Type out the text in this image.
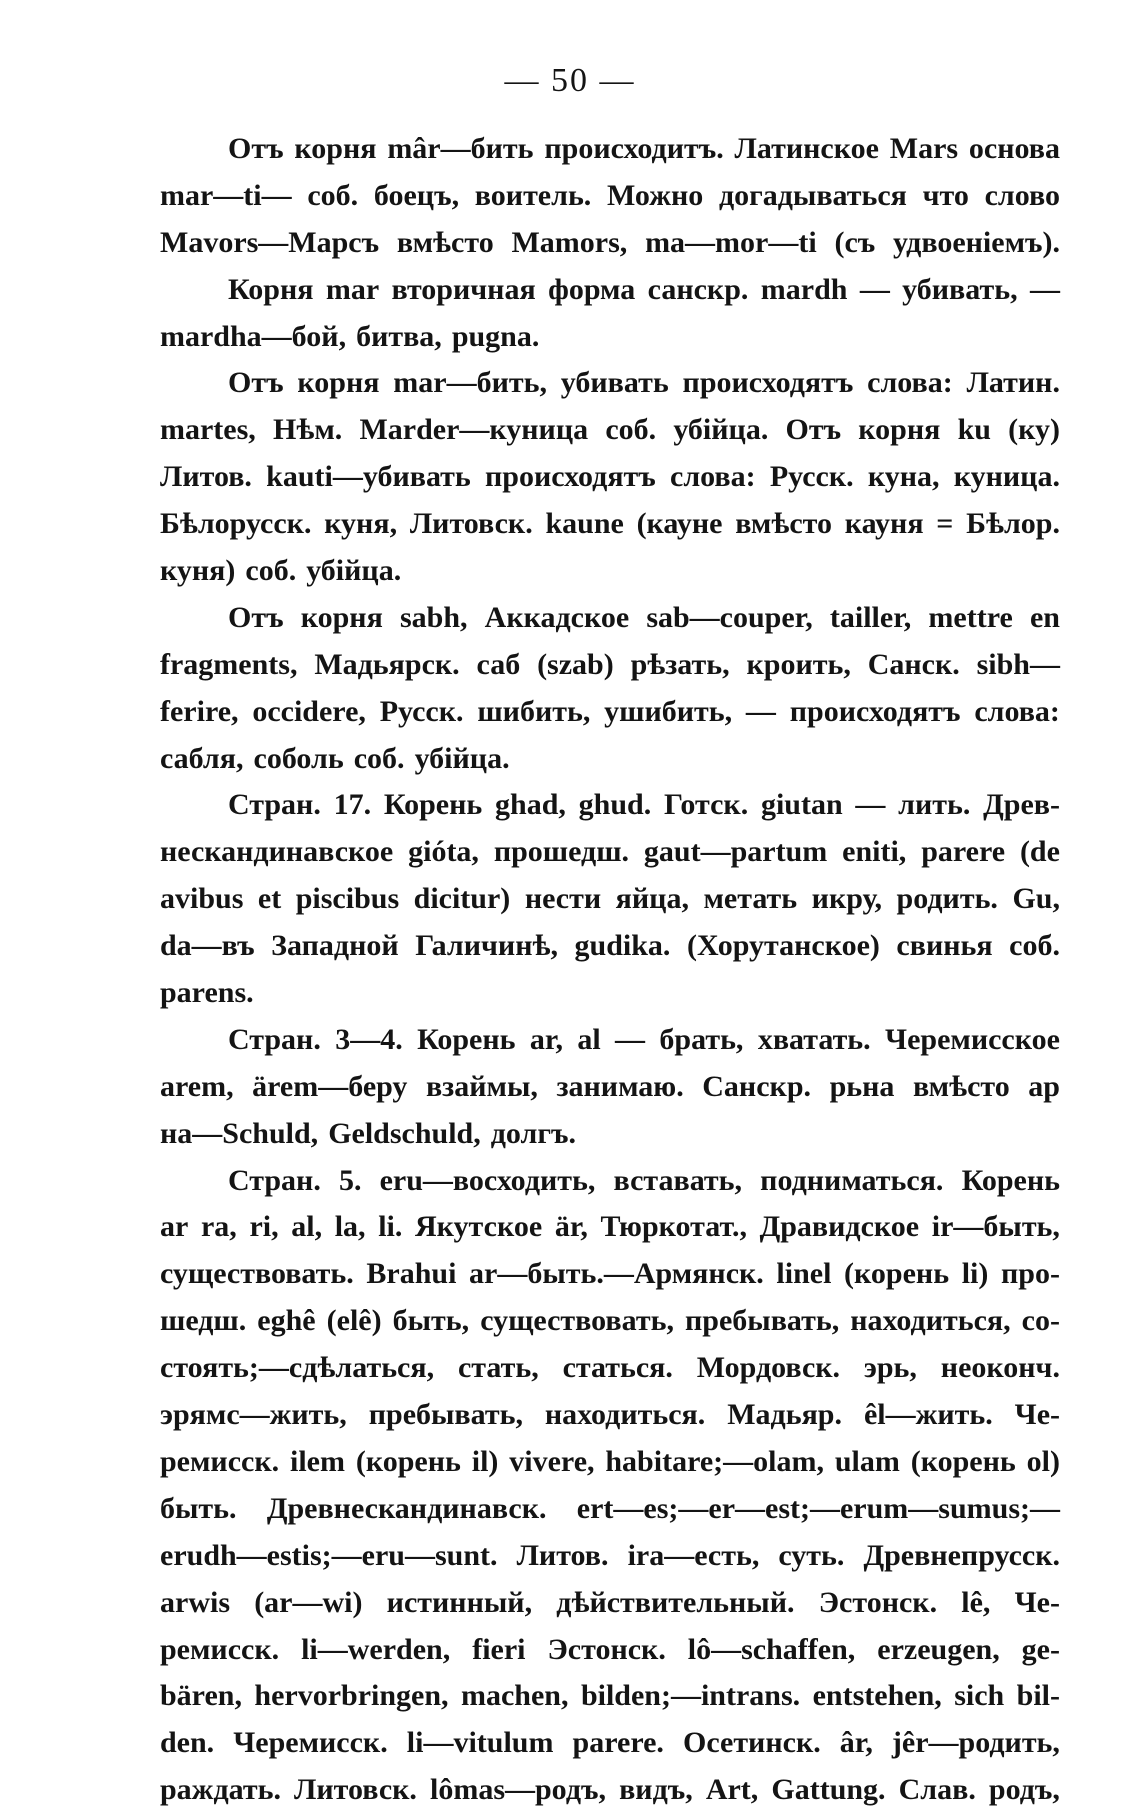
— 50 —
Отъ корня mâr—бить происходитъ. Латинское Mars основа
mar—ti— соб. боецъ, воитель. Можно догадываться что слово
Mavors—Марсъ вмѣсто Mamors, ma—mor—ti (съ удвоеніемъ).
Корня mar вторичная форма санскр. mardh — убивать, —
mardha—бой, битва, pugna.
Отъ корня mar—бить, убивать происходятъ слова: Латин.
martes, Нѣм. Marder—куница соб. убійца. Отъ корня ku (ку)
Литов. kauti—убивать происходятъ слова: Русск. куна, куница.
Бѣлорусск. куня, Литовск. kaune (кауне вмѣсто кауня = Бѣлор.
куня) соб. убійца.
Отъ корня sabh, Аккадское sab—couper, tailler, mettre en
fragments, Мадьярск. саб (szab) рѣзать, кроить, Санск. sibh—
ferire, occidere, Русск. шибить, ушибить, — происходятъ слова:
сабля, соболь соб. убійца.
Стран. 17. Корень ghad, ghud. Готск. giutan — лить. Древ-
нескандинавское gióta, прошедш. gaut—partum eniti, parere (de
avibus et piscibus dicitur) нести яйца, метать икру, родить. Gu,
da—въ Западной Галичинѣ, gudika. (Хорутанское) свинья соб.
parens.
Стран. 3—4. Корень ar, al — брать, хватать. Черемисское
arem, ärem—беру взаймы, занимаю. Санскр. рьна вмѣсто ар
на—Schuld, Geldschuld, долгъ.
Стран. 5. eru—восходить, вставать, подниматься. Корень
ar ra, ri, al, la, li. Якутское är, Тюркотат., Дравидское ir—быть,
существовать. Brahui ar—быть.—Армянск. linel (корень li) про-
шедш. eghê (elê) быть, существовать, пребывать, находиться, со-
стоять;—сдѣлаться, стать, статься. Мордовск. эрь, неоконч.
эрямс—жить, пребывать, находиться. Мадьяр. êl—жить. Че-
ремисск. ilem (корень il) vivere, habitare;—olam, ulam (корень ol)
быть. Древнескандинавск. ert—es;—er—est;—erum—sumus;—
erudh—estis;—eru—sunt. Литов. ira—есть, суть. Древнепрусск.
arwis (ar—wi) истинный, дѣйствительный. Эстонск. lê, Че-
ремисск. li—werden, fieri Эстонск. lô—schaffen, erzeugen, ge-
bären, hervorbringen, machen, bilden;—intrans. entstehen, sich bil-
den. Черемисск. li—vitulum parere. Осетинск. âr, jêr—родить,
раждать. Литовск. lômas—родъ, видъ, Art, Gattung. Слав. родъ,
